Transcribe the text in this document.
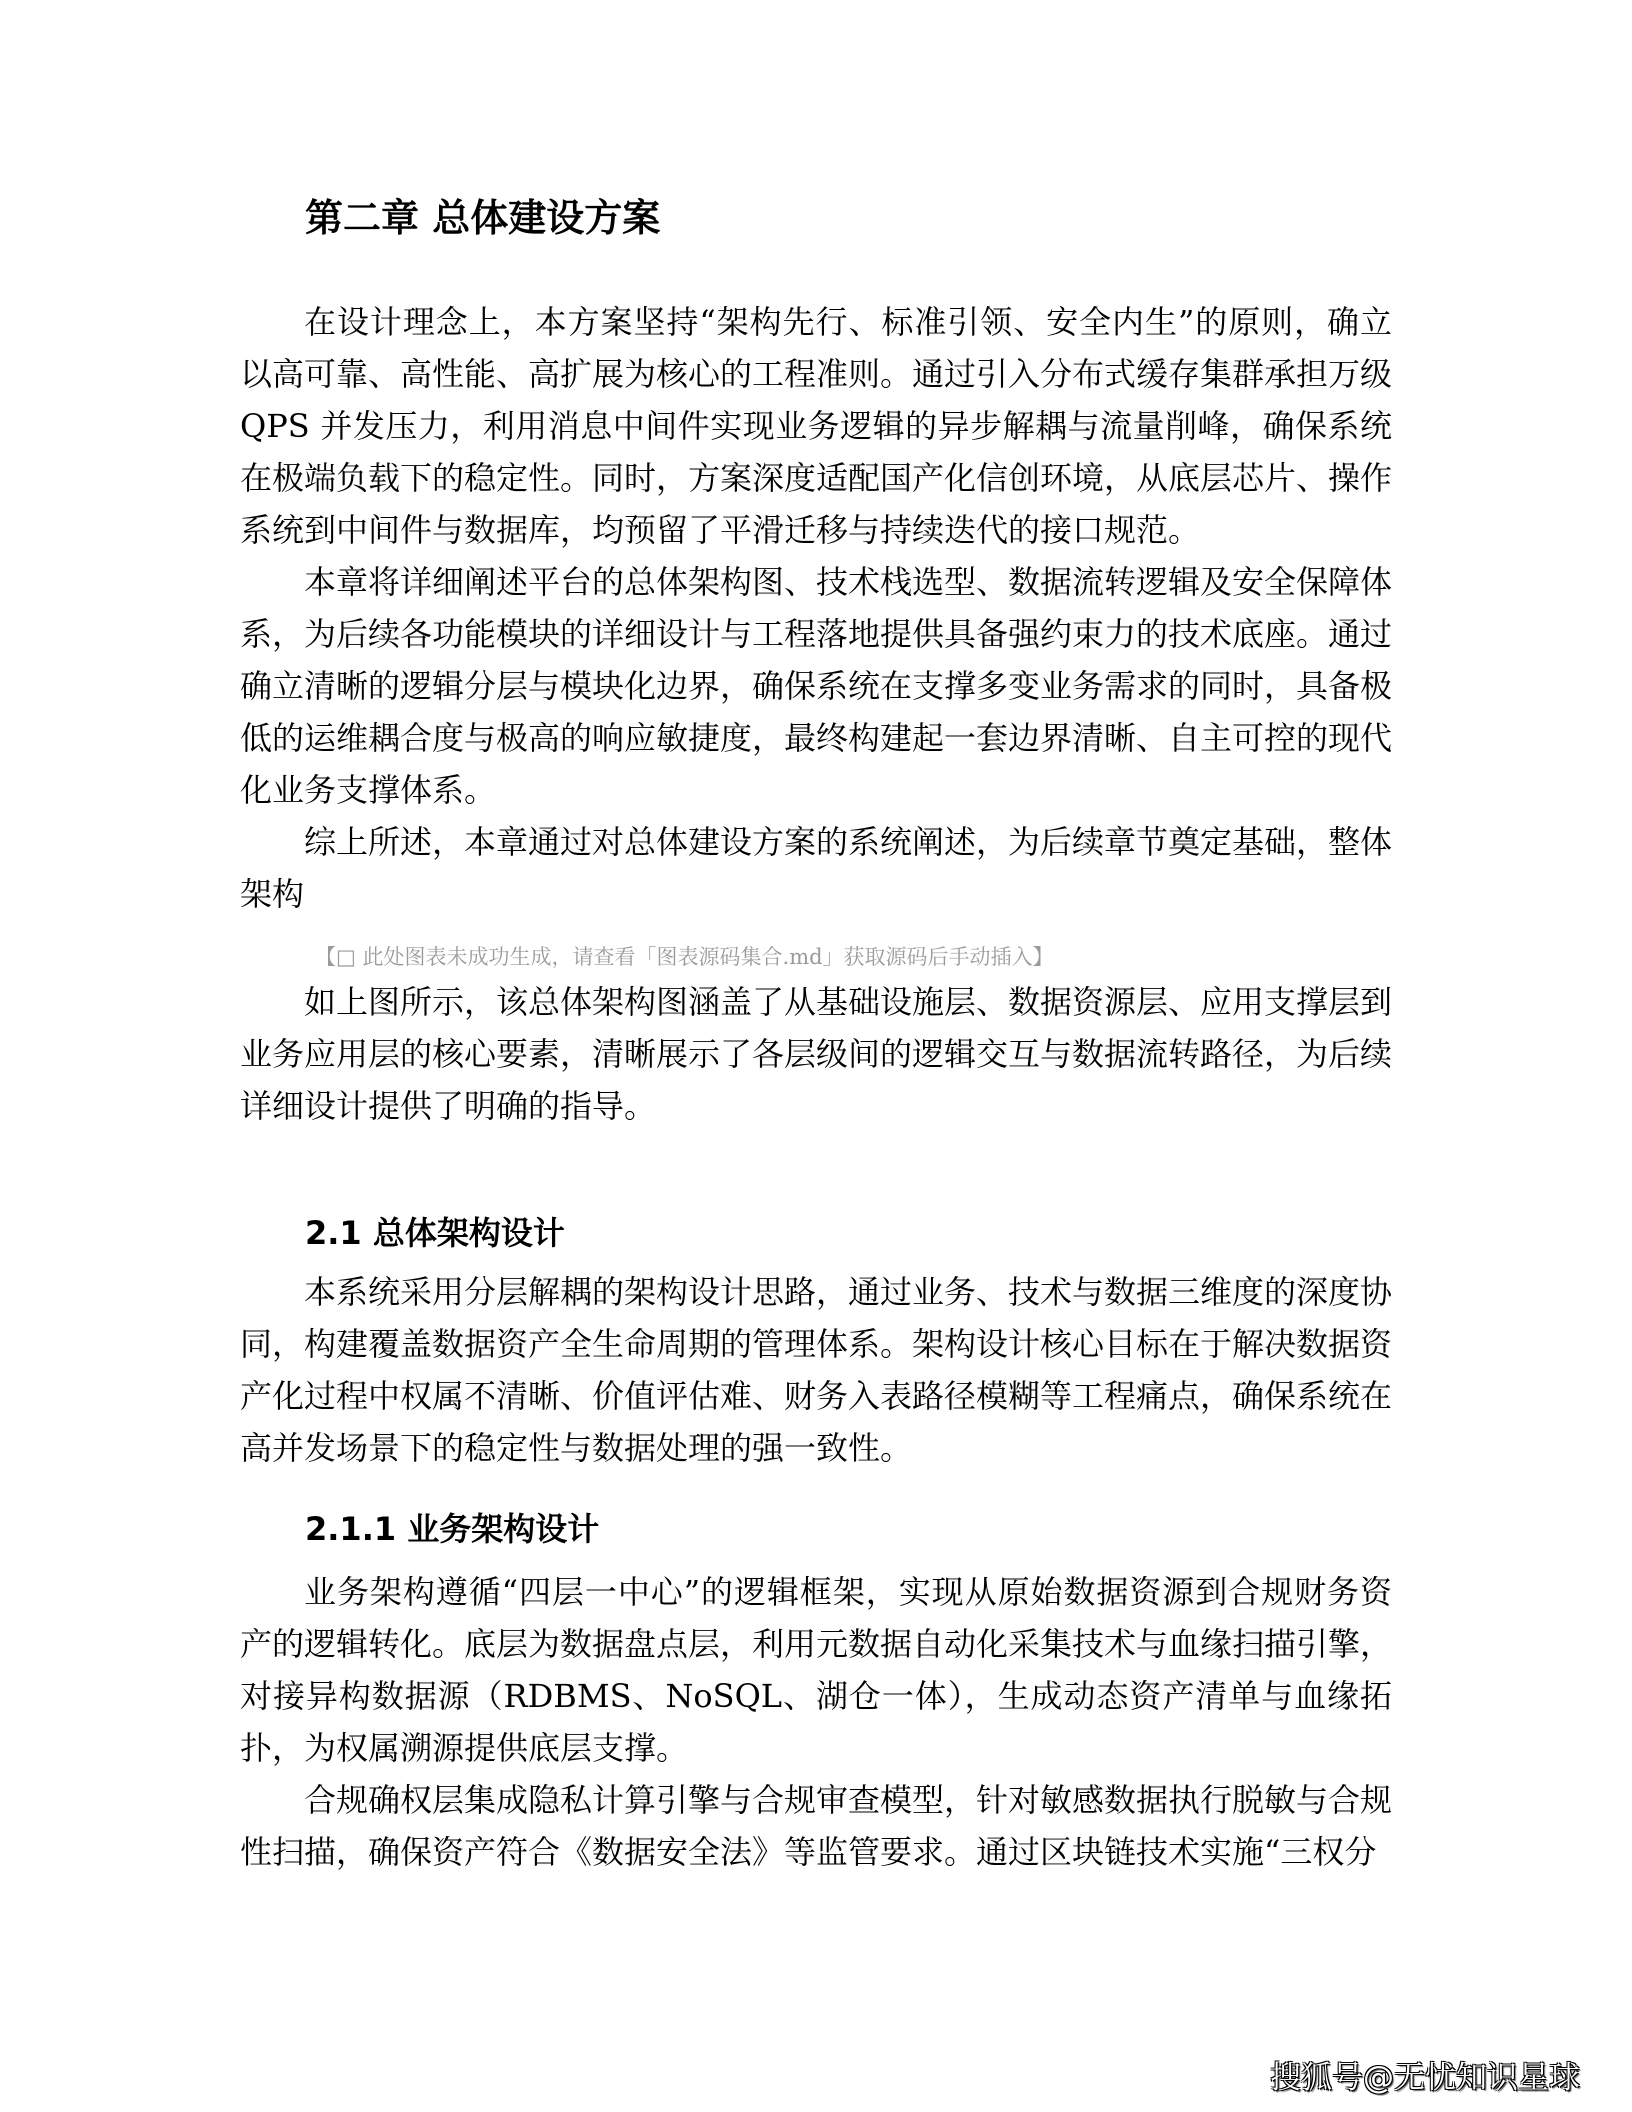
第二章 总体建设方案

在设计理念上，本方案坚持“架构先行、标准引领、安全内生”的原则，确立以高可靠、高性能、高扩展为核心的工程准则。通过引入分布式缓存集群承担万级 QPS 并发压力，利用消息中间件实现业务逻辑的异步解耦与流量削峰，确保系统在极端负载下的稳定性。同时，方案深度适配国产化信创环境，从底层芯片、操作系统到中间件与数据库，均预留了平滑迁移与持续迭代的接口规范。

本章将详细阐述平台的总体架构图、技术栈选型、数据流转逻辑及安全保障体系，为后续各功能模块的详细设计与工程落地提供具备强约束力的技术底座。通过确立清晰的逻辑分层与模块化边界，确保系统在支撑多变业务需求的同时，具备极低的运维耦合度与极高的响应敏捷度，最终构建起一套边界清晰、自主可控的现代化业务支撑体系。

综上所述，本章通过对总体建设方案的系统阐述，为后续章节奠定基础，整体架构

【□ 此处图表未成功生成，请查看「图表源码集合.md」获取源码后手动插入】

如上图所示，该总体架构图涵盖了从基础设施层、数据资源层、应用支撑层到业务应用层的核心要素，清晰展示了各层级间的逻辑交互与数据流转路径，为后续详细设计提供了明确的指导。

2.1 总体架构设计

本系统采用分层解耦的架构设计思路，通过业务、技术与数据三维度的深度协同，构建覆盖数据资产全生命周期的管理体系。架构设计核心目标在于解决数据资产化过程中权属不清晰、价值评估难、财务入表路径模糊等工程痛点，确保系统在高并发场景下的稳定性与数据处理的强一致性。

2.1.1 业务架构设计

业务架构遵循“四层一中心”的逻辑框架，实现从原始数据资源到合规财务资产的逻辑转化。底层为数据盘点层，利用元数据自动化采集技术与血缘扫描引擎，对接异构数据源（RDBMS、NoSQL、湖仓一体），生成动态资产清单与血缘拓扑，为权属溯源提供底层支撑。

合规确权层集成隐私计算引擎与合规审查模型，针对敏感数据执行脱敏与合规性扫描，确保资产符合《数据安全法》等监管要求。通过区块链技术实施“三权分

搜狐号@无忧知识星球
